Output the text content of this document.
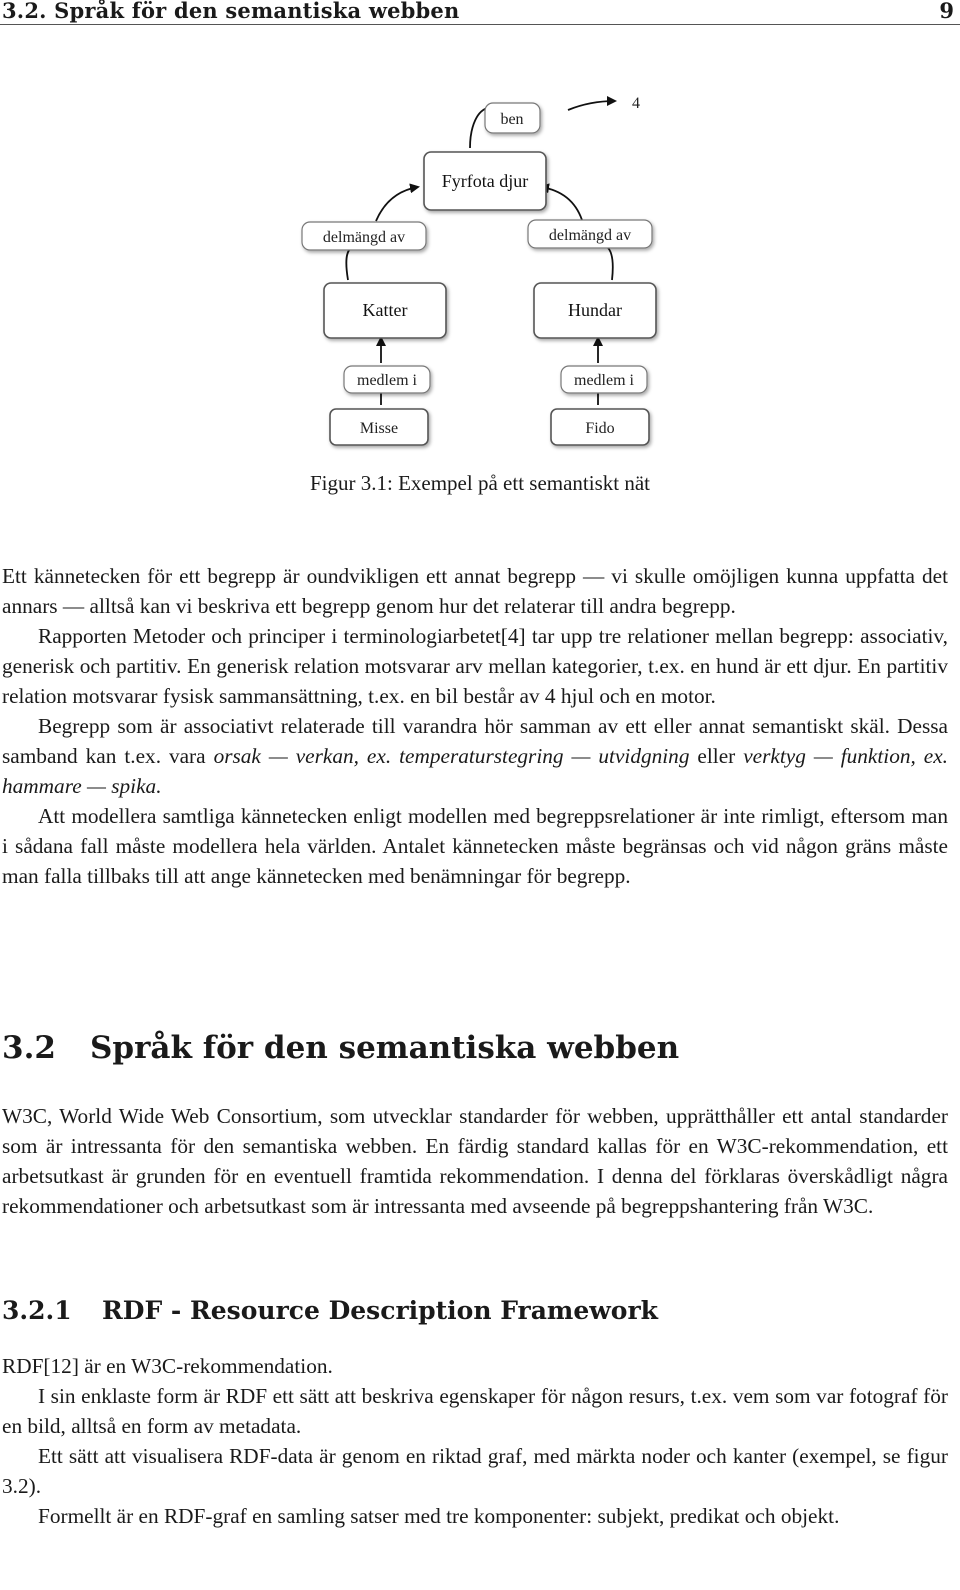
3.2. Språk för den semantiska webben	9
ben
4
delmängd av	delmängd av
medlem i	medlem i
Fyrfota djur
Katter	Hundar
Misse	Fido
Figur 3.1: Exempel på ett semantiskt nät

Ett kännetecken för ett begrepp är oundvikligen ett annat begrepp — vi skulle omöjligen kunna uppfatta det annars — alltså kan vi beskriva ett begrepp genom hur det relaterar till andra begrepp.

Rapporten Metoder och principer i terminologiarbetet[4] tar upp tre relationer mellan begrepp: associativ, generisk och partitiv. En generisk relation motsvarar arv mellan kategorier, t.ex. en hund är ett djur. En partitiv relation motsvarar fysisk sammansättning, t.ex. en bil består av 4 hjul och en motor.

Begrepp som är associativt relaterade till varandra hör samman av ett eller annat semantiskt skäl. Dessa samband kan t.ex. vara orsak — verkan, ex. temperaturstegring — utvidgning eller verktyg — funktion, ex. hammare — spika.

Att modellera samtliga kännetecken enligt modellen med begreppsrelationer är inte rimligt, eftersom man i sådana fall måste modellera hela världen. Antalet kännetecken måste begränsas och vid någon gräns måste man falla tillbaks till att ange kännetecken med benämningar för begrepp.

3.2 Språk för den semantiska webben

W3C, World Wide Web Consortium, som utvecklar standarder för webben, upprätthåller ett antal standarder som är intressanta för den semantiska webben. En färdig standard kallas för en W3C-rekommendation, ett arbetsutkast är grunden för en eventuell framtida rekommendation. I denna del förklaras överskådligt några rekommendationer och arbetsutkast som är intressanta med avseende på begreppshantering från W3C.

3.2.1 RDF - Resource Description Framework

RDF[12] är en W3C-rekommendation.

I sin enklaste form är RDF ett sätt att beskriva egenskaper för någon resurs, t.ex. vem som var fotograf för en bild, alltså en form av metadata.

Ett sätt att visualisera RDF-data är genom en riktad graf, med märkta noder och kanter (exempel, se figur 3.2).

Formellt är en RDF-graf en samling satser med tre komponenter: subjekt, predikat och objekt.
